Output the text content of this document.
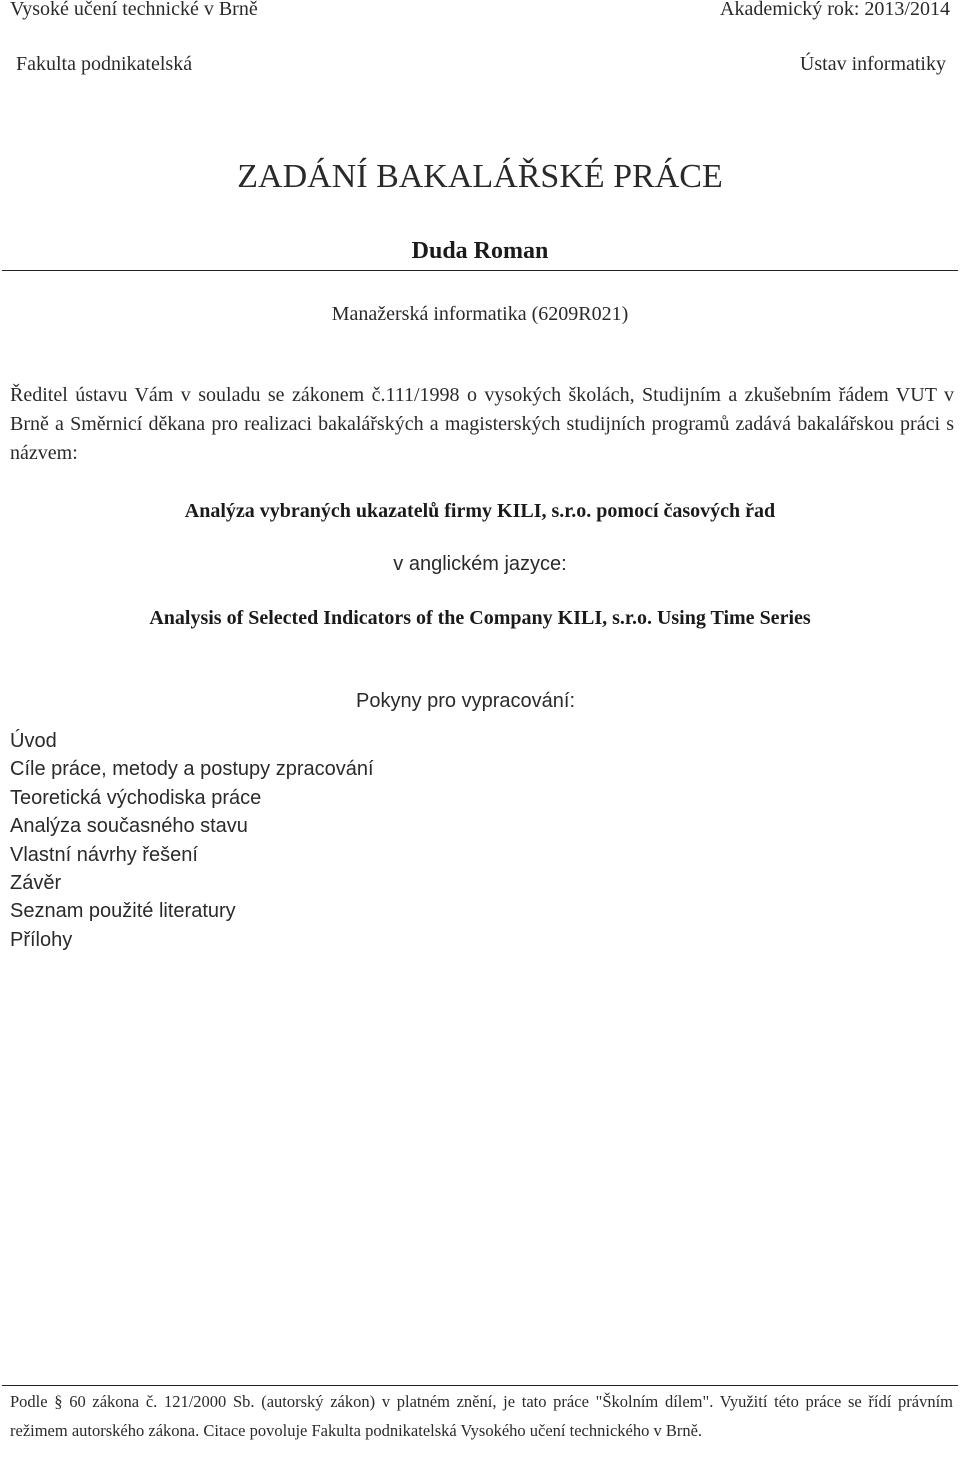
Vysoké učení technické v Brně	Akademický rok: 2013/2014
Fakulta podnikatelská	Ústav informatiky
ZADÁNÍ BAKALÁŘSKÉ PRÁCE
Duda Roman
Manažerská informatika (6209R021)
Ředitel ústavu Vám v souladu se zákonem č.111/1998 o vysokých školách, Studijním a zkušebním řádem VUT v Brně a Směrnicí děkana pro realizaci bakalářských a magisterských studijních programů zadává bakalářskou práci s názvem:
Analýza vybraných ukazatelů firmy KILI, s.r.o. pomocí časových řad
v anglickém jazyce:
Analysis of Selected Indicators of the Company KILI, s.r.o. Using Time Series
Pokyny pro vypracování:
Úvod
Cíle práce, metody a postupy zpracování
Teoretická východiska práce
Analýza současného stavu
Vlastní návrhy řešení
Závěr
Seznam použité literatury
Přílohy
Podle § 60 zákona č. 121/2000 Sb. (autorský zákon) v platném znění, je tato práce "Školním dílem". Využití této práce se řídí právním režimem autorského zákona. Citace povoluje Fakulta podnikatelská Vysokého učení technického v Brně.
